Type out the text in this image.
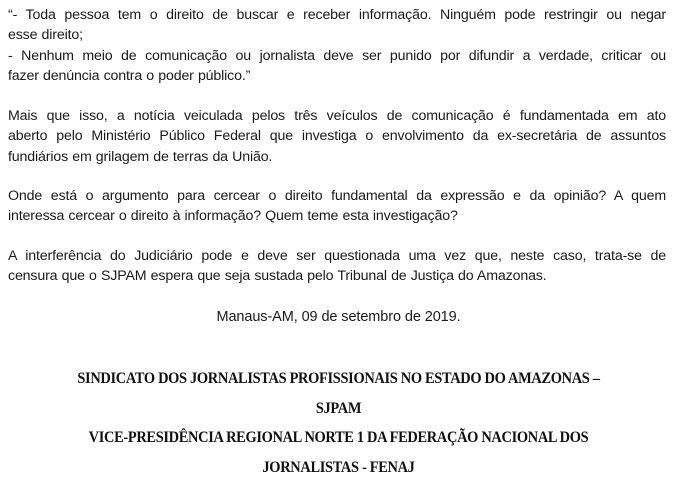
“- Toda pessoa tem o direito de buscar e receber informação. Ninguém pode restringir ou negar
esse direito;
- Nenhum meio de comunicação ou jornalista deve ser punido por difundir a verdade, criticar ou
fazer denúncia contra o poder público.”
Mais que isso, a notícia veiculada pelos três veículos de comunicação é fundamentada em ato
aberto pelo Ministério Público Federal que investiga o envolvimento da ex-secretária de assuntos
fundiários em grilagem de terras da União.
Onde está o argumento para cercear o direito fundamental da expressão e da opinião? A quem
interessa cercear o direito à informação? Quem teme esta investigação?
A interferência do Judiciário pode e deve ser questionada uma vez que, neste caso, trata-se de
censura que o SJPAM espera que seja sustada pelo Tribunal de Justiça do Amazonas.
Manaus-AM, 09 de setembro de 2019.
SINDICATO DOS JORNALISTAS PROFISSIONAIS NO ESTADO DO AMAZONAS –
SJPAM
VICE-PRESIDÊNCIA REGIONAL NORTE 1 DA FEDERAÇÃO NACIONAL DOS
JORNALISTAS - FENAJ
